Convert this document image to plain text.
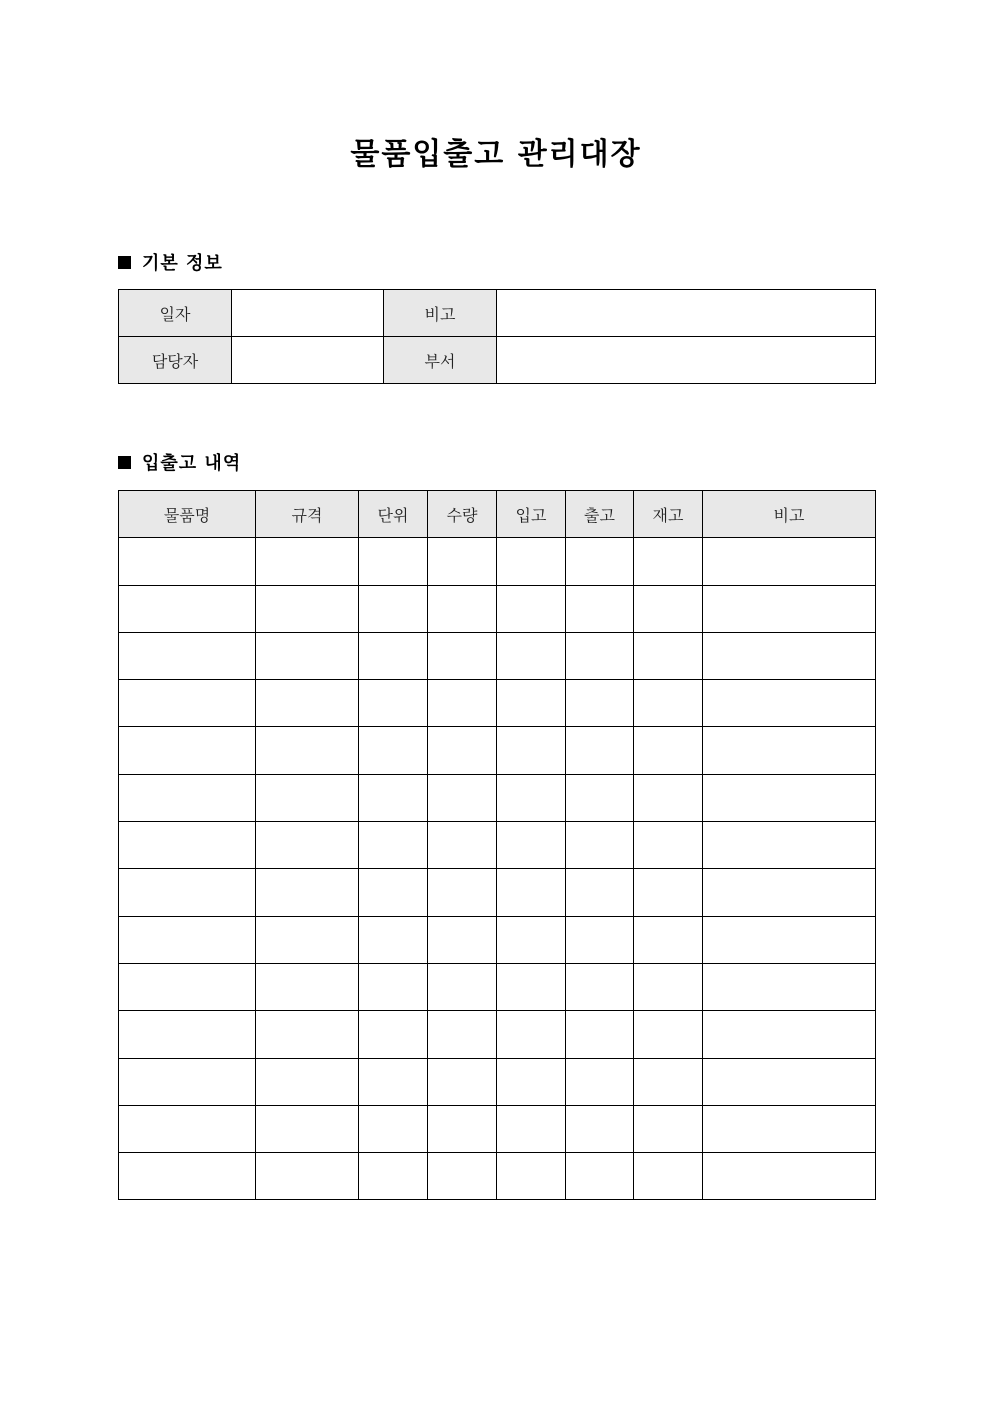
물품입출고 관리대장
기본 정보
일자		비고	
담당자		부서	
입출고 내역
물품명	규격	단위	수량	입고	출고	재고	비고
